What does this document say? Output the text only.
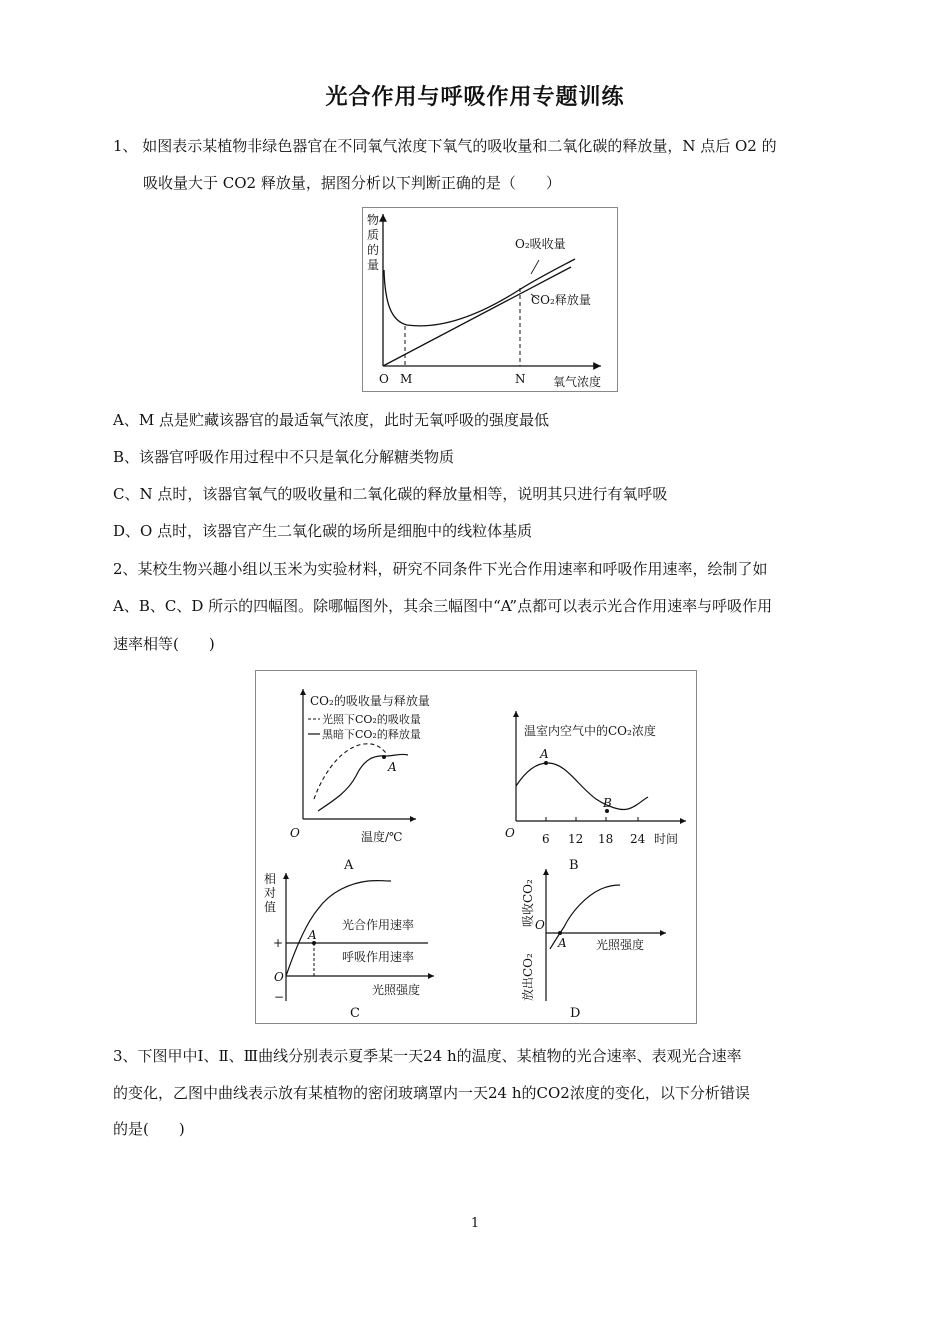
光合作用与呼吸作用专题训练
1、 如图表示某植物非绿色器官在不同氧气浓度下氧气的吸收量和二氧化碳的释放量，N 点后 O2 的
吸收量大于 CO2 释放量，据图分析以下判断正确的是（　　）
物
质
的
量
O₂吸收量
CO₂释放量
O M	N 氧气浓度
A、M 点是贮藏该器官的最适氧气浓度，此时无氧呼吸的强度最低
B、该器官呼吸作用过程中不只是氧化分解糖类物质
C、N 点时，该器官氧气的吸收量和二氧化碳的释放量相等，说明其只进行有氧呼吸
D、O 点时，该器官产生二氧化碳的场所是细胞中的线粒体基质
2、某校生物兴趣小组以玉米为实验材料，研究不同条件下光合作用速率和呼吸作用速率，绘制了如
A、B、C、D 所示的四幅图。除哪幅图外，其余三幅图中“A”点都可以表示光合作用速率与呼吸作用
速率相等(　　)
CO₂的吸收量与释放量
光照下CO₂的吸收量
黑暗下CO₂的释放量
A
O	温度/℃
A
温室内空气中的CO₂浓度
A
B
O 6 12 18 24 时间
B
相
对
值
A
光合作用速率
呼吸作用速率
+
O
−	光照强度
C
吸收CO₂
放出CO₂
O
A 光照强度
D
3、下图甲中Ⅰ、Ⅱ、Ⅲ曲线分别表示夏季某一天24 h的温度、某植物的光合速率、表观光合速率
的变化，乙图中曲线表示放有某植物的密闭玻璃罩内一天24 h的CO2浓度的变化，以下分析错误
的是(　　)
1
